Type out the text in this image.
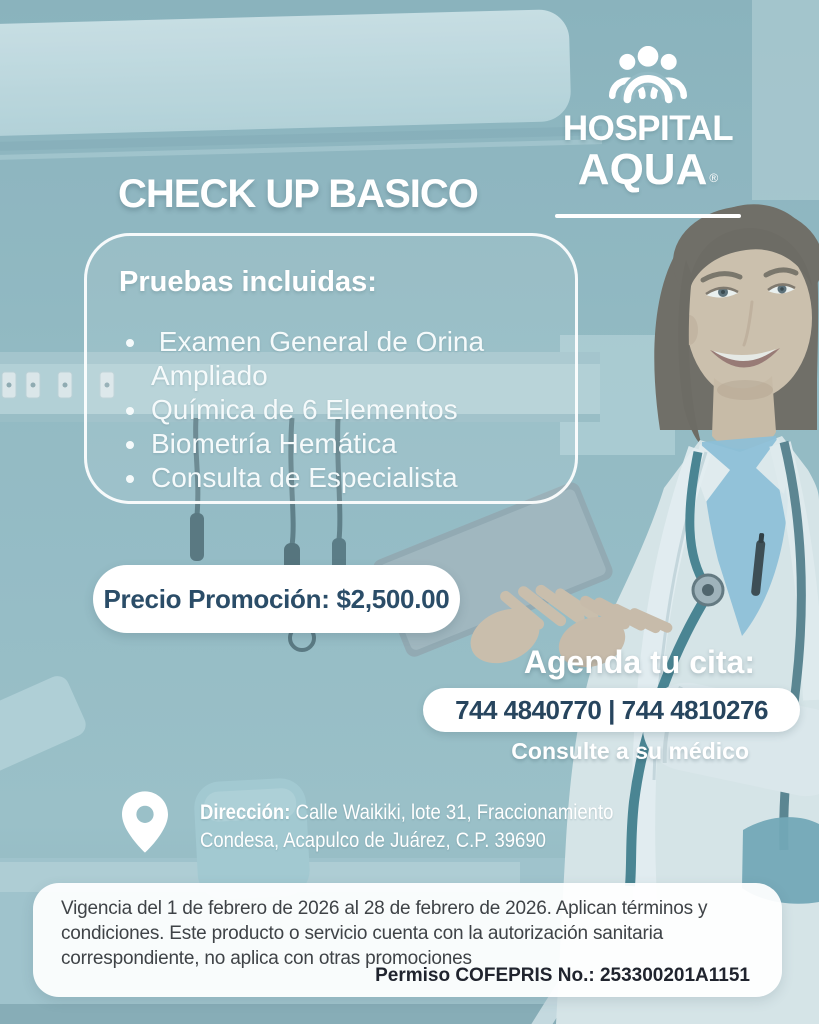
HOSPITAL
AQUA ®
CHECK UP BASICO
Pruebas incluidas:
•  Examen General de Orina Ampliado
• Química de 6 Elementos
• Biometría Hemática
• Consulta de Especialista
Precio Promoción: $2,500.00
Agenda tu cita:
744 4840770 | 744 4810276
Consulte a su médico
Dirección: Calle Waikiki, lote 31, Fraccionamiento
Condesa, Acapulco de Juárez, C.P. 39690

Vigencia del 1 de febrero de 2026 al 28 de febrero de 2026. Aplican términos y condiciones. Este producto o servicio cuenta con la autorización sanitaria correspondiente, no aplica con otras promociones

Permiso COFEPRIS No.: 253300201A1151
